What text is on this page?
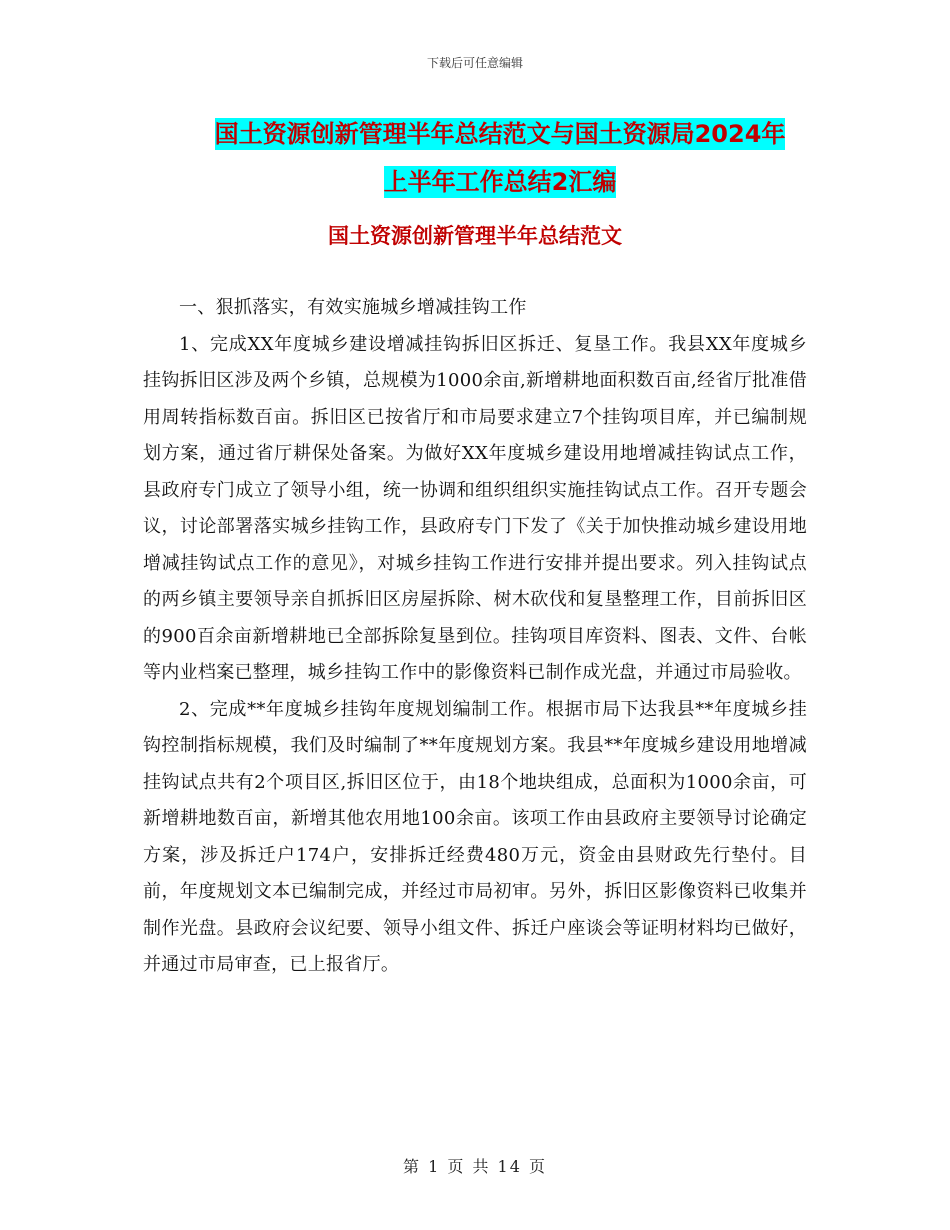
下载后可任意编辑
国土资源创新管理半年总结范文与国土资源局2024年
上半年工作总结2汇编
国土资源创新管理半年总结范文

一、狠抓落实，有效实施城乡增减挂钩工作

1、完成XX年度城乡建设增减挂钩拆旧区拆迁、复垦工作。我县XX年度城乡挂钩拆旧区涉及两个乡镇，总规模为1000余亩,新增耕地面积数百亩,经省厅批准借用周转指标数百亩。拆旧区已按省厅和市局要求建立7个挂钩项目库，并已编制规划方案，通过省厅耕保处备案。为做好XX年度城乡建设用地增减挂钩试点工作，县政府专门成立了领导小组，统一协调和组织组织实施挂钩试点工作。召开专题会议，讨论部署落实城乡挂钩工作，县政府专门下发了《关于加快推动城乡建设用地增减挂钩试点工作的意见》，对城乡挂钩工作进行安排并提出要求。列入挂钩试点的两乡镇主要领导亲自抓拆旧区房屋拆除、树木砍伐和复垦整理工作，目前拆旧区的900百余亩新增耕地已全部拆除复垦到位。挂钩项目库资料、图表、文件、台帐等内业档案已整理，城乡挂钩工作中的影像资料已制作成光盘，并通过市局验收。

2、完成**年度城乡挂钩年度规划编制工作。根据市局下达我县**年度城乡挂钩控制指标规模，我们及时编制了**年度规划方案。我县**年度城乡建设用地增减挂钩试点共有2个项目区,拆旧区位于，由18个地块组成，总面积为1000余亩，可新增耕地数百亩，新增其他农用地100余亩。该项工作由县政府主要领导讨论确定方案，涉及拆迁户174户，安排拆迁经费480万元，资金由县财政先行垫付。目前，年度规划文本已编制完成，并经过市局初审。另外，拆旧区影像资料已收集并制作光盘。县政府会议纪要、领导小组文件、拆迁户座谈会等证明材料均已做好，并通过市局审查，已上报省厅。

第 1 页 共 14 页
